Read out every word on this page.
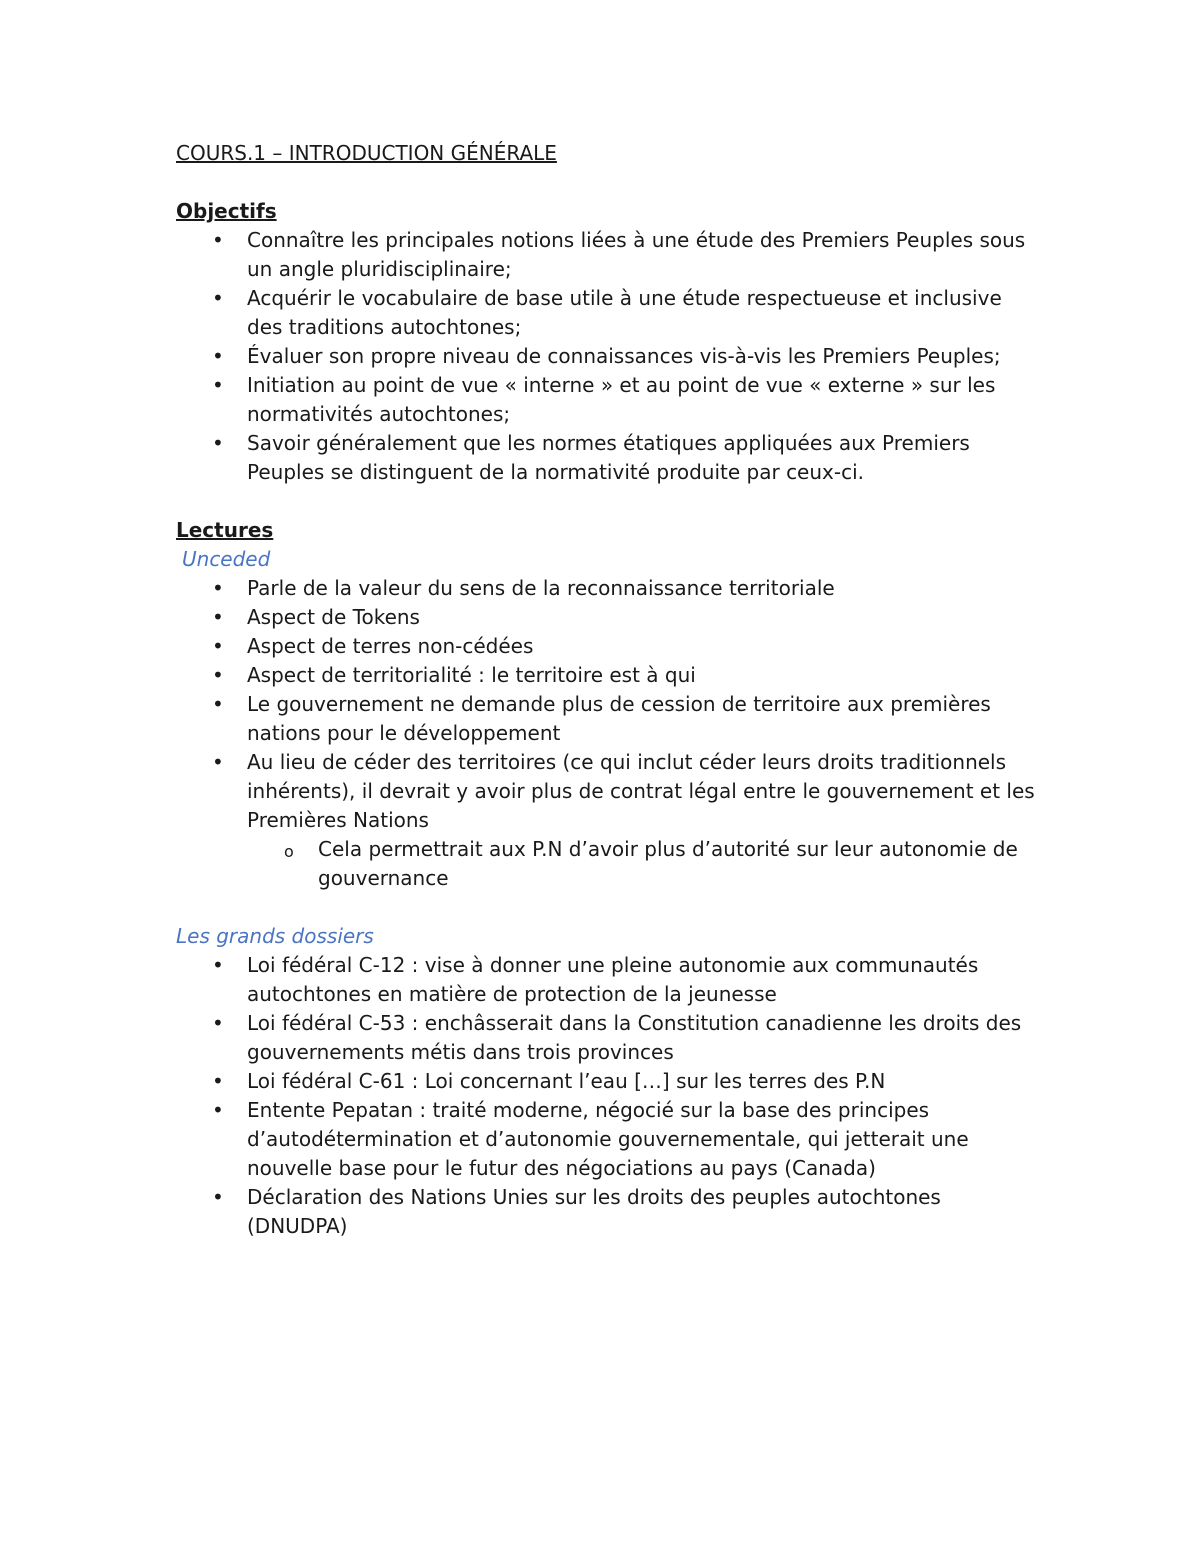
COURS.1 – INTRODUCTION GÉNÉRALE

Objectifs

• Connaître les principales notions liées à une étude des Premiers Peuples sous un angle pluridisciplinaire;
• Acquérir le vocabulaire de base utile à une étude respectueuse et inclusive des traditions autochtones;
• Évaluer son propre niveau de connaissances vis-à-vis les Premiers Peuples;
• Initiation au point de vue « interne » et au point de vue « externe » sur les normativités autochtones;
• Savoir généralement que les normes étatiques appliquées aux Premiers Peuples se distinguent de la normativité produite par ceux-ci.

Lectures

Unceded

• Parle de la valeur du sens de la reconnaissance territoriale
• Aspect de Tokens
• Aspect de terres non-cédées
• Aspect de territorialité : le territoire est à qui
• Le gouvernement ne demande plus de cession de territoire aux premières nations pour le développement
• Au lieu de céder des territoires (ce qui inclut céder leurs droits traditionnels inhérents), il devrait y avoir plus de contrat légal entre le gouvernement et les Premières Nations
o Cela permettrait aux P.N d’avoir plus d’autorité sur leur autonomie de gouvernance

Les grands dossiers

• Loi fédéral C-12 : vise à donner une pleine autonomie aux communautés autochtones en matière de protection de la jeunesse
• Loi fédéral C-53 : enchâsserait dans la Constitution canadienne les droits des gouvernements métis dans trois provinces
• Loi fédéral C-61 : Loi concernant l’eau […] sur les terres des P.N
• Entente Pepatan : traité moderne, négocié sur la base des principes d’autodétermination et d’autonomie gouvernementale, qui jetterait une nouvelle base pour le futur des négociations au pays (Canada)
• Déclaration des Nations Unies sur les droits des peuples autochtones (DNUDPA)
